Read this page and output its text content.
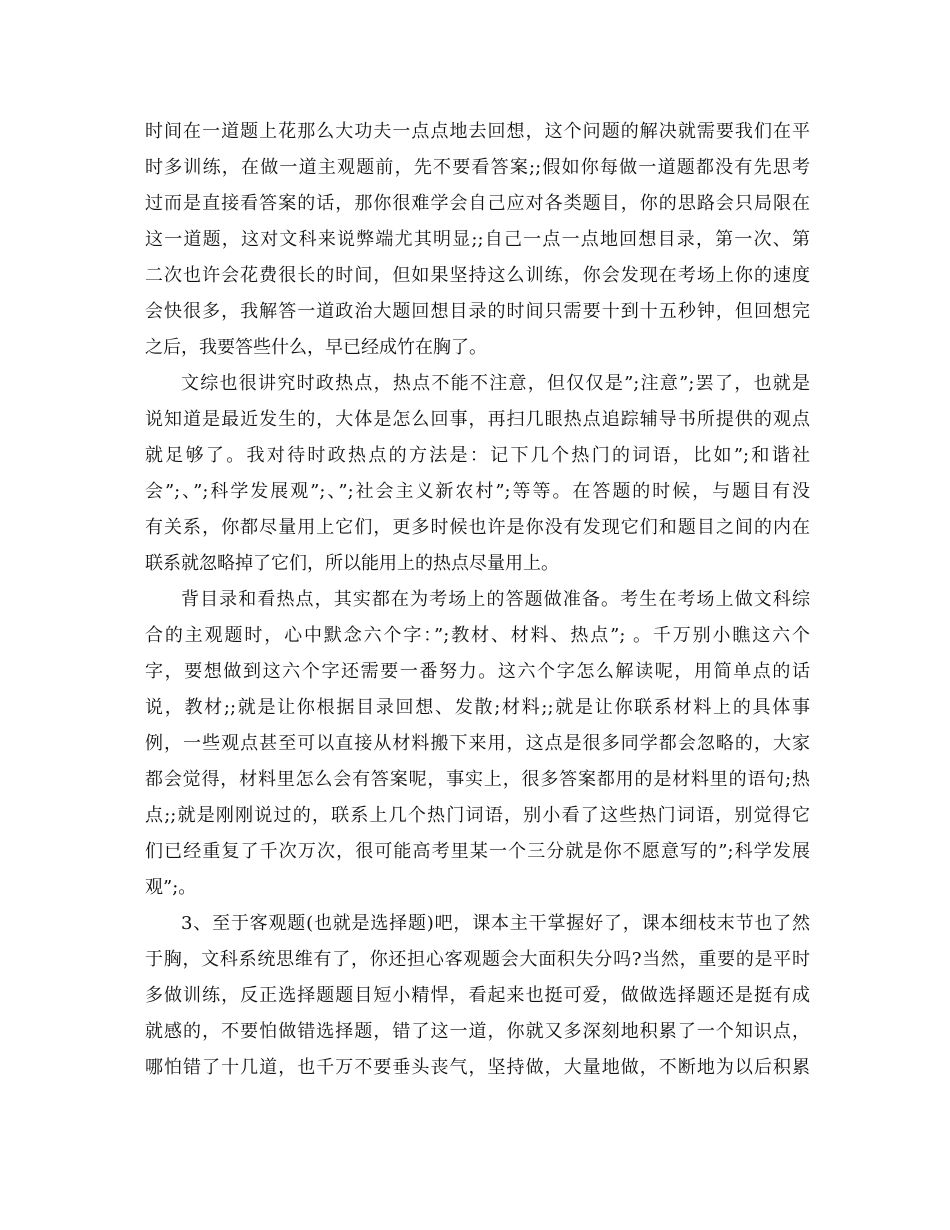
时间在一道题上花那么大功夫一点点地去回想，这个问题的解决就需要我们在平
时多训练，在做一道主观题前，先不要看答案;;假如你每做一道题都没有先思考
过而是直接看答案的话，那你很难学会自己应对各类题目，你的思路会只局限在
这一道题，这对文科来说弊端尤其明显;;自己一点一点地回想目录，第一次、第
二次也许会花费很长的时间，但如果坚持这么训练，你会发现在考场上你的速度
会快很多，我解答一道政治大题回想目录的时间只需要十到十五秒钟，但回想完
之后，我要答些什么，早已经成竹在胸了。
文综也很讲究时政热点，热点不能不注意，但仅仅是”;注意”;罢了，也就是
说知道是最近发生的，大体是怎么回事，再扫几眼热点追踪辅导书所提供的观点
就足够了。我对待时政热点的方法是：记下几个热门的词语，比如”;和谐社
会”;、”;科学发展观”;、”;社会主义新农村”;等等。在答题的时候，与题目有没
有关系，你都尽量用上它们，更多时候也许是你没有发现它们和题目之间的内在
联系就忽略掉了它们，所以能用上的热点尽量用上。
背目录和看热点，其实都在为考场上的答题做准备。考生在考场上做文科综
合的主观题时，心中默念六个字：”;教材、材料、热点”; 。千万别小瞧这六个
字，要想做到这六个字还需要一番努力。这六个字怎么解读呢，用简单点的话
说，教材;;就是让你根据目录回想、发散;材料;;就是让你联系材料上的具体事
例，一些观点甚至可以直接从材料搬下来用，这点是很多同学都会忽略的，大家
都会觉得，材料里怎么会有答案呢，事实上，很多答案都用的是材料里的语句;热
点;;就是刚刚说过的，联系上几个热门词语，别小看了这些热门词语，别觉得它
们已经重复了千次万次，很可能高考里某一个三分就是你不愿意写的”;科学发展
观”;。
3、至于客观题(也就是选择题)吧，课本主干掌握好了，课本细枝末节也了然
于胸，文科系统思维有了，你还担心客观题会大面积失分吗?当然，重要的是平时
多做训练，反正选择题题目短小精悍，看起来也挺可爱，做做选择题还是挺有成
就感的，不要怕做错选择题，错了这一道，你就又多深刻地积累了一个知识点，
哪怕错了十几道，也千万不要垂头丧气，坚持做，大量地做，不断地为以后积累
